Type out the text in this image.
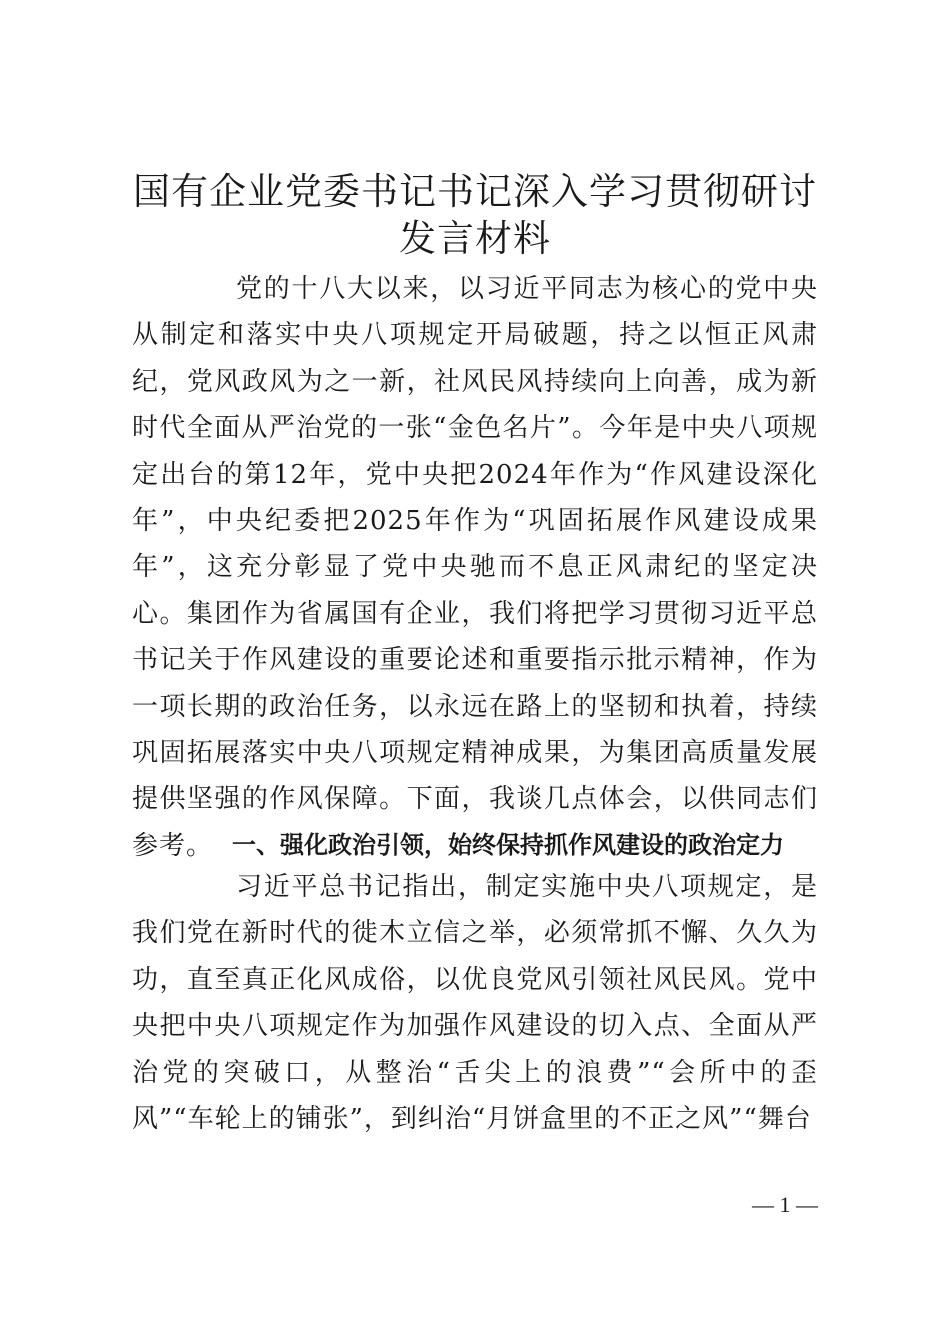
国有企业党委书记书记深入学习贯彻研讨发言材料

党的十八大以来，以习近平同志为核心的党中央从制定和落实中央八项规定开局破题，持之以恒正风肃纪，党风政风为之一新，社风民风持续向上向善，成为新时代全面从严治党的一张“金色名片”。今年是中央八项规定出台的第12年，党中央把2024年作为“作风建设深化年”，中央纪委把2025年作为“巩固拓展作风建设成果年”，这充分彰显了党中央驰而不息正风肃纪的坚定决心。集团作为省属国有企业，我们将把学习贯彻习近平总书记关于作风建设的重要论述和重要指示批示精神，作为一项长期的政治任务，以永远在路上的坚韧和执着，持续巩固拓展落实中央八项规定精神成果，为集团高质量发展提供坚强的作风保障。下面，我谈几点体会，以供同志们参考。 一、强化政治引领，始终保持抓作风建设的政治定力

习近平总书记指出，制定实施中央八项规定，是我们党在新时代的徙木立信之举，必须常抓不懈、久久为功，直至真正化风成俗，以优良党风引领社风民风。党中央把中央八项规定作为加强作风建设的切入点、全面从严治党的突破口，从整治“舌尖上的浪费”“会所中的歪风”“车轮上的铺张”，到纠治“月饼盒里的不正之风”“舞台

— 1 —
